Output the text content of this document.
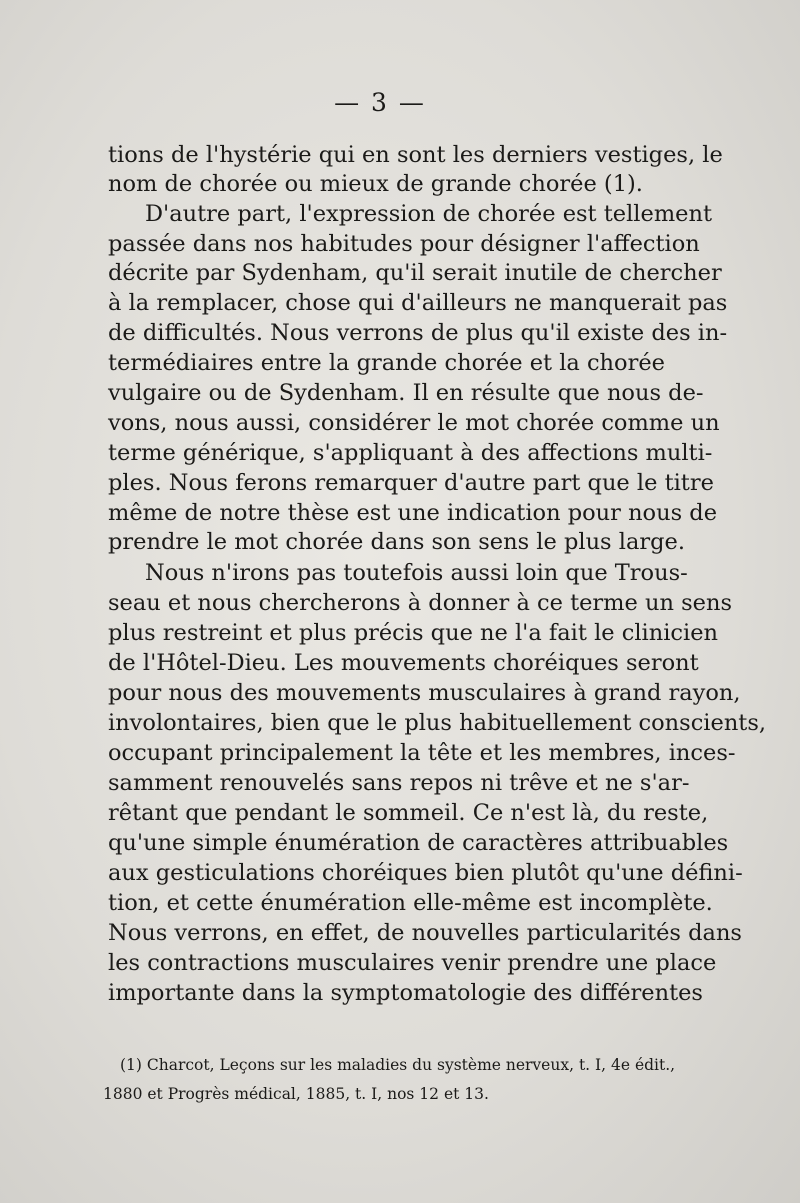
— 3 —
tions de l'hystérie qui en sont les derniers vestiges, le
nom de chorée ou mieux de grande chorée (1).
D'autre part, l'expression de chorée est tellement
passée dans nos habitudes pour désigner l'affection
décrite par Sydenham, qu'il serait inutile de chercher
à la remplacer, chose qui d'ailleurs ne manquerait pas
de difficultés. Nous verrons de plus qu'il existe des in-
termédiaires entre la grande chorée et la chorée
vulgaire ou de Sydenham. Il en résulte que nous de-
vons, nous aussi, considérer le mot chorée comme un
terme générique, s'appliquant à des affections multi-
ples. Nous ferons remarquer d'autre part que le titre
même de notre thèse est une indication pour nous de
prendre le mot chorée dans son sens le plus large.
Nous n'irons pas toutefois aussi loin que Trous-
seau et nous chercherons à donner à ce terme un sens
plus restreint et plus précis que ne l'a fait le clinicien
de l'Hôtel-Dieu. Les mouvements choréiques seront
pour nous des mouvements musculaires à grand rayon,
involontaires, bien que le plus habituellement conscients,
occupant principalement la tête et les membres, inces-
samment renouvelés sans repos ni trêve et ne s'ar-
rêtant que pendant le sommeil. Ce n'est là, du reste,
qu'une simple énumération de caractères attribuables
aux gesticulations choréiques bien plutôt qu'une défini-
tion, et cette énumération elle-même est incomplète.
Nous verrons, en effet, de nouvelles particularités dans
les contractions musculaires venir prendre une place
importante dans la symptomatologie des différentes
(1) Charcot, Leçons sur les maladies du système nerveux, t. I, 4e édit.,
1880 et Progrès médical, 1885, t. I, nos 12 et 13.
